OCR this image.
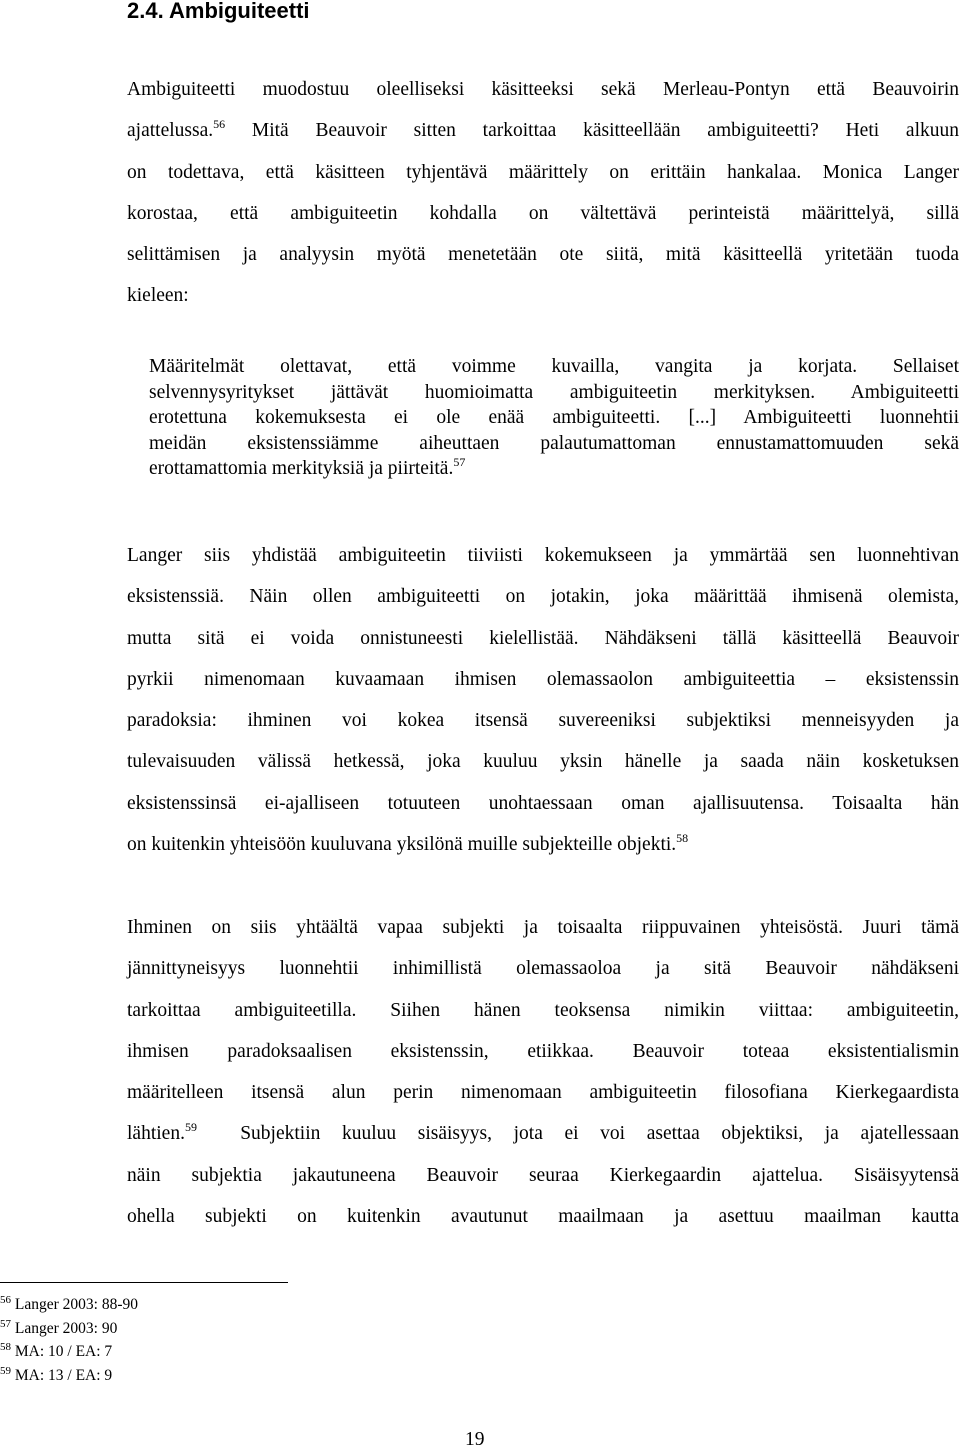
2.4. Ambiguiteetti
Ambiguiteetti muodostuu oleelliseksi käsitteeksi sekä Merleau-Pontyn että Beauvoirin
ajattelussa.$^{56}$ Mitä Beauvoir sitten tarkoittaa käsitteellään ambiguiteetti? Heti alkuun
on todettava, että käsitteen tyhjentävä määrittely on erittäin hankalaa. Monica Langer
korostaa, että ambiguiteetin kohdalla on vältettävä perinteistä määrittelyä, sillä
selittämisen ja analyysin myötä menetetään ote siitä, mitä käsitteellä yritetään tuoda
kieleen:
Määritelmät olettavat, että voimme kuvailla, vangita ja korjata. Sellaiset
selvennysyritykset jättävät huomioimatta ambiguiteetin merkityksen. Ambiguiteetti
erotettuna kokemuksesta ei ole enää ambiguiteetti. [...] Ambiguiteetti luonnehtii
meidän eksistenssiämme aiheuttaen palautumattoman ennustamattomuuden sekä
erottamattomia merkityksiä ja piirteitä.$^{57}$
Langer siis yhdistää ambiguiteetin tiiviisti kokemukseen ja ymmärtää sen luonnehtivan
eksistenssiä. Näin ollen ambiguiteetti on jotakin, joka määrittää ihmisenä olemista,
mutta sitä ei voida onnistuneesti kielellistää. Nähdäkseni tällä käsitteellä Beauvoir
pyrkii nimenomaan kuvaamaan ihmisen olemassaolon ambiguiteettia – eksistenssin
paradoksia: ihminen voi kokea itsensä suvereeniksi subjektiksi menneisyyden ja
tulevaisuuden välissä hetkessä, joka kuuluu yksin hänelle ja saada näin kosketuksen
eksistenssinsä ei-ajalliseen totuuteen unohtaessaan oman ajallisuutensa. Toisaalta hän
on kuitenkin yhteisöön kuuluvana yksilönä muille subjekteille objekti.$^{58}$
Ihminen on siis yhtäältä vapaa subjekti ja toisaalta riippuvainen yhteisöstä. Juuri tämä
jännittyneisyys luonnehtii inhimillistä olemassaoloa ja sitä Beauvoir nähdäkseni
tarkoittaa ambiguiteetilla. Siihen hänen teoksensa nimikin viittaa: ambiguiteetin,
ihmisen paradoksaalisen eksistenssin, etiikkaa. Beauvoir toteaa eksistentialismin
määritelleen itsensä alun perin nimenomaan ambiguiteetin filosofiana Kierkegaardista
lähtien.$^{59}$  Subjektiin kuuluu sisäisyys, jota ei voi asettaa objektiksi, ja ajatellessaan
näin subjektia jakautuneena Beauvoir seuraa Kierkegaardin ajattelua. Sisäisyytensä
ohella subjekti on kuitenkin avautunut maailmaan ja asettuu maailman kautta
$^{56}$ Langer 2003: 88-90
$^{57}$ Langer 2003: 90
$^{58}$ MA: 10 / EA: 7
$^{59}$ MA: 13 / EA: 9
19
